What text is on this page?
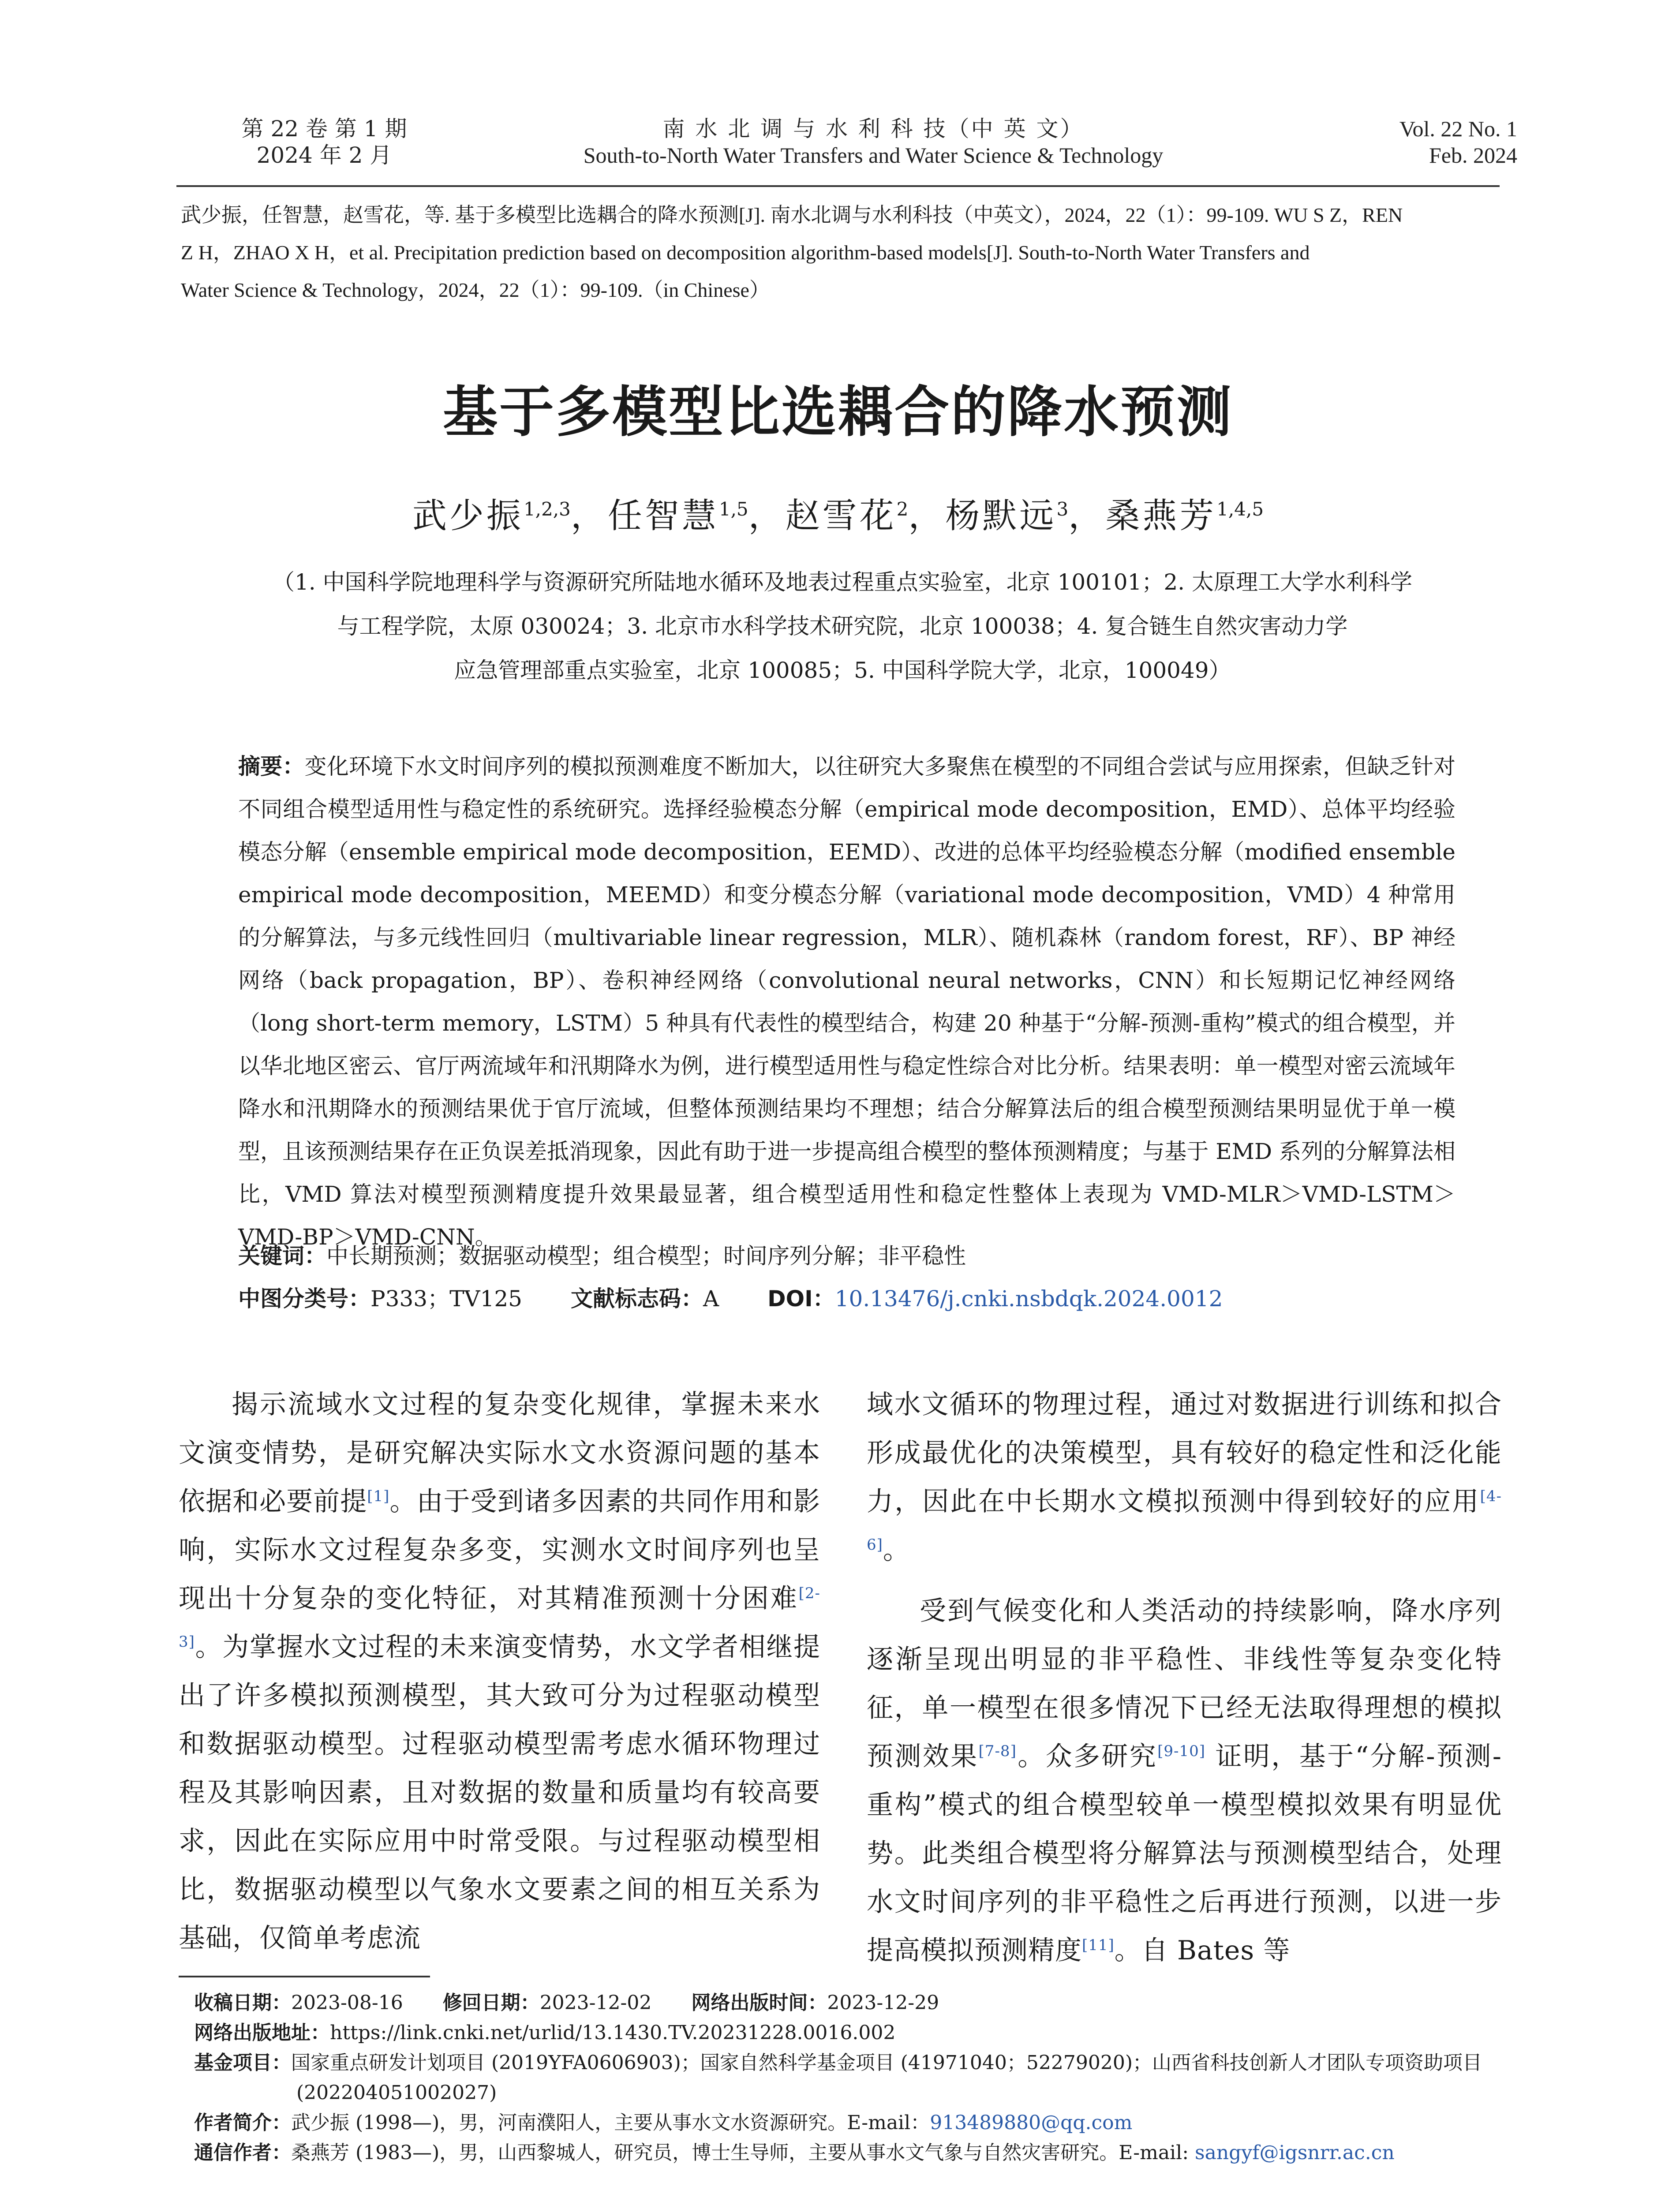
第 22 卷 第 1 期
2024 年 2 月
南 水 北 调 与 水 利 科 技（中 英 文）
South-to-North Water Transfers and Water Science & Technology
Vol. 22 No. 1
Feb. 2024
武少振，任智慧，赵雪花，等. 基于多模型比选耦合的降水预测[J]. 南水北调与水利科技（中英文），2024，22（1）：99-109. WU S Z，REN
Z H，ZHAO X H，et al. Precipitation prediction based on decomposition algorithm-based models[J]. South-to-North Water Transfers and
Water Science & Technology，2024，22（1）：99-109.（in Chinese）
基于多模型比选耦合的降水预测
武少振$^{1,2,3}$，任智慧$^{1,5}$，赵雪花$^2$，杨默远$^3$，桑燕芳$^{1,4,5}$
（1. 中国科学院地理科学与资源研究所陆地水循环及地表过程重点实验室，北京 100101；2. 太原理工大学水利科学
与工程学院，太原 030024；3. 北京市水科学技术研究院，北京 100038；4. 复合链生自然灾害动力学
应急管理部重点实验室，北京 100085；5. 中国科学院大学，北京，100049）
摘要：变化环境下水文时间序列的模拟预测难度不断加大，以往研究大多聚焦在模型的不同组合尝试与应用探索，但缺乏针对不同组合模型适用性与稳定性的系统研究。选择经验模态分解（empirical mode decomposition，EMD）、总体平均经验模态分解（ensemble empirical mode decomposition，EEMD）、改进的总体平均经验模态分解（modified ensemble empirical mode decomposition，MEEMD）和变分模态分解（variational mode decomposition，VMD）4 种常用的分解算法，与多元线性回归（multivariable linear regression，MLR）、随机森林（random forest，RF）、BP 神经网络（back propagation，BP）、卷积神经网络（convolutional neural networks，CNN）和长短期记忆神经网络（long short-term memory，LSTM）5 种具有代表性的模型结合，构建 20 种基于“分解-预测-重构”模式的组合模型，并以华北地区密云、官厅两流域年和汛期降水为例，进行模型适用性与稳定性综合对比分析。结果表明：单一模型对密云流域年降水和汛期降水的预测结果优于官厅流域，但整体预测结果均不理想；结合分解算法后的组合模型预测结果明显优于单一模型，且该预测结果存在正负误差抵消现象，因此有助于进一步提高组合模型的整体预测精度；与基于 EMD 系列的分解算法相比，VMD 算法对模型预测精度提升效果最显著，组合模型适用性和稳定性整体上表现为 VMD-MLR＞VMD-LSTM＞VMD-BP＞VMD-CNN。
关键词：中长期预测；数据驱动模型；组合模型；时间序列分解；非平稳性
中图分类号：P333；TV125 文献标志码：A DOI：10.13476/j.cnki.nsbdqk.2024.0012

揭示流域水文过程的复杂变化规律，掌握未来水文演变情势，是研究解决实际水文水资源问题的基本依据和必要前提[1]。由于受到诸多因素的共同作用和影响，实际水文过程复杂多变，实测水文时间序列也呈现出十分复杂的变化特征，对其精准预测十分困难[2-3]。为掌握水文过程的未来演变情势，水文学者相继提出了许多模拟预测模型，其大致可分为过程驱动模型和数据驱动模型。过程驱动模型需考虑水循环物理过程及其影响因素，且对数据的数量和质量均有较高要求，因此在实际应用中时常受限。与过程驱动模型相比，数据驱动模型以气象水文要素之间的相互关系为基础，仅简单考虑流

域水文循环的物理过程，通过对数据进行训练和拟合形成最优化的决策模型，具有较好的稳定性和泛化能力，因此在中长期水文模拟预测中得到较好的应用[4-6]。

受到气候变化和人类活动的持续影响，降水序列逐渐呈现出明显的非平稳性、非线性等复杂变化特征，单一模型在很多情况下已经无法取得理想的模拟预测效果[7-8]。众多研究[9-10] 证明，基于“分解-预测-重构”模式的组合模型较单一模型模拟效果有明显优势。此类组合模型将分解算法与预测模型结合，处理水文时间序列的非平稳性之后再进行预测，以进一步提高模拟预测精度[11]。自 Bates 等

收稿日期：2023-08-16 修回日期：2023-12-02 网络出版时间：2023-12-29
网络出版地址：https://link.cnki.net/urlid/13.1430.TV.20231228.0016.002
基金项目：国家重点研发计划项目 (2019YFA0606903)；国家自然科学基金项目 (41971040；52279020)；山西省科技创新人才团队专项资助项目 (202204051002027)
作者简介：武少振 (1998—)，男，河南濮阳人，主要从事水文水资源研究。E-mail：913489880@qq.com
通信作者：桑燕芳 (1983—)，男，山西黎城人，研究员，博士生导师，主要从事水文气象与自然灾害研究。E-mail: sangyf@igsnrr.ac.cn
